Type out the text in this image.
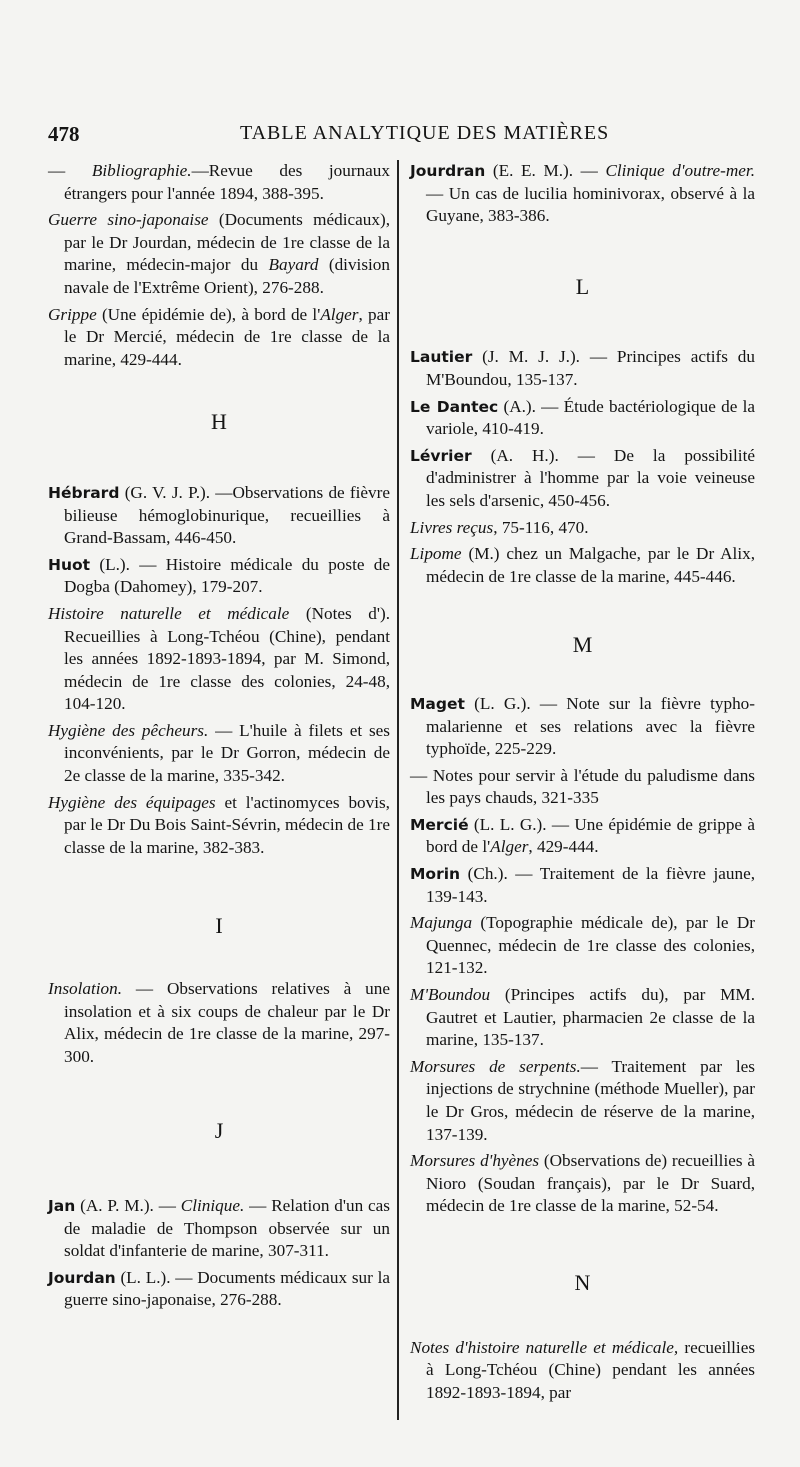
478	TABLE ANALYTIQUE DES MATIÈRES

— Bibliographie.—Revue des journaux étrangers pour l'année 1894, 388-395.

Guerre sino-japonaise (Documents médicaux), par le Dr Jourdan, médecin de 1re classe de la marine, médecin-major du Bayard (division navale de l'Extrême Orient), 276-288.

Grippe (Une épidémie de), à bord de l'Alger, par le Dr Mercié, médecin de 1re classe de la marine, 429-444.

H

Hébrard (G. V. J. P.). —Observations de fièvre bilieuse hémoglobinurique, recueillies à Grand-Bassam, 446-450.

Huot (L.). — Histoire médicale du poste de Dogba (Dahomey), 179-207.

Histoire naturelle et médicale (Notes d'). Recueillies à Long-Tchéou (Chine), pendant les années 1892-1893-1894, par M. Simond, médecin de 1re classe des colonies, 24-48, 104-120.

Hygiène des pêcheurs. — L'huile à filets et ses inconvénients, par le Dr Gorron, médecin de 2e classe de la marine, 335-342.

Hygiène des équipages et l'actinomyces bovis, par le Dr Du Bois Saint-Sévrin, médecin de 1re classe de la marine, 382-383.

I

Insolation. — Observations relatives à une insolation et à six coups de chaleur par le Dr Alix, médecin de 1re classe de la marine, 297-300.

J

Jan (A. P. M.). — Clinique. — Relation d'un cas de maladie de Thompson observée sur un soldat d'infanterie de marine, 307-311.

Jourdan (L. L.). — Documents médicaux sur la guerre sino-japonaise, 276-288.

Jourdran (E. E. M.). — Clinique d'outre-mer. — Un cas de lucilia hominivorax, observé à la Guyane, 383-386.

L

Lautier (J. M. J. J.). — Principes actifs du M'Boundou, 135-137.

Le Dantec (A.). — Étude bactériologique de la variole, 410-419.

Lévrier (A. H.). — De la possibilité d'administrer à l'homme par la voie veineuse les sels d'arsenic, 450-456.

Livres reçus, 75-116, 470.

Lipome (M.) chez un Malgache, par le Dr Alix, médecin de 1re classe de la marine, 445-446.

M

Maget (L. G.). — Note sur la fièvre typho-malarienne et ses relations avec la fièvre typhoïde, 225-229.

— Notes pour servir à l'étude du paludisme dans les pays chauds, 321-335

Mercié (L. L. G.). — Une épidémie de grippe à bord de l'Alger, 429-444.

Morin (Ch.). — Traitement de la fièvre jaune, 139-143.

Majunga (Topographie médicale de), par le Dr Quennec, médecin de 1re classe des colonies, 121-132.

M'Boundou (Principes actifs du), par MM. Gautret et Lautier, pharmacien 2e classe de la marine, 135-137.

Morsures de serpents.— Traitement par les injections de strychnine (méthode Mueller), par le Dr Gros, médecin de réserve de la marine, 137-139.

Morsures d'hyènes (Observations de) recueillies à Nioro (Soudan français), par le Dr Suard, médecin de 1re classe de la marine, 52-54.

N

Notes d'histoire naturelle et médicale, recueillies à Long-Tchéou (Chine) pendant les années 1892-1893-1894, par
